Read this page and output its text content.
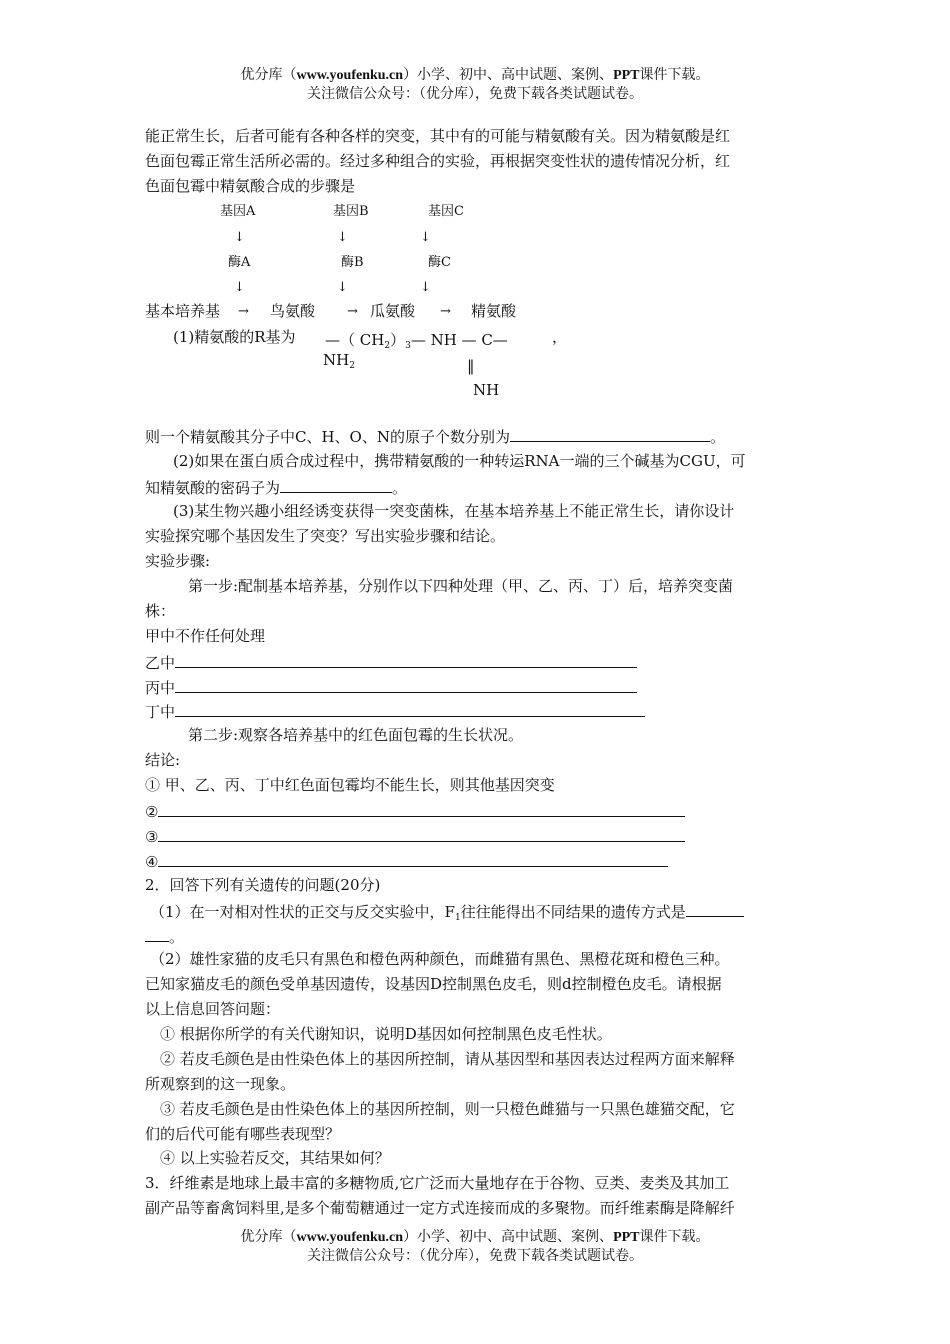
优分库（www.youfenku.cn）小学、初中、高中试题、案例、PPT课件下载。
关注微信公众号：（优分库），免费下载各类试题试卷。
能正常生长，后者可能有各种各样的突变，其中有的可能与精氨酸有关。因为精氨酸是红
色面包霉正常生活所必需的。经过多种组合的实验，再根据突变性状的遗传情况分析，红
色面包霉中精氨酸合成的步骤是
基因A	基因B	基因C
↓	↓	↓
酶A	酶B	酶C
↓	↓	↓
基本培养基 → 鸟氨酸 → 瓜氨酸 → 精氨酸
(1)精氨酸的R基为 —（ $CH_2)_3—$ NH — C—	，
$NH_2$	‖
NH
则一个精氨酸其分子中C、H、O、N的原子个数分别为	。
(2)如果在蛋白质合成过程中，携带精氨酸的一种转运RNA一端的三个碱基为CGU，可
知精氨酸的密码子为	。
(3)某生物兴趣小组经诱变获得一突变菌株，在基本培养基上不能正常生长，请你设计
实验探究哪个基因发生了突变？写出实验步骤和结论。
实验步骤:
第一步:配制基本培养基，分别作以下四种处理（甲、乙、丙、丁）后，培养突变菌
株：
甲中不作任何处理
乙中
丙中
丁中
第二步:观察各培养基中的红色面包霉的生长状况。
结论:
① 甲、乙、丙、丁中红色面包霉均不能生长，则其他基因突变
②
③
④
2．回答下列有关遗传的问题(20分)
（1）在一对相对性状的正交与反交实验中，$F_1$往往能得出不同结果的遗传方式是
。
（2）雄性家猫的皮毛只有黑色和橙色两种颜色，而雌猫有黑色、黑橙花斑和橙色三种。
已知家猫皮毛的颜色受单基因遗传，设基因D控制黑色皮毛，则d控制橙色皮毛。请根据
以上信息回答问题：
① 根据你所学的有关代谢知识，说明D基因如何控制黑色皮毛性状。
② 若皮毛颜色是由性染色体上的基因所控制，请从基因型和基因表达过程两方面来解释
所观察到的这一现象。
③ 若皮毛颜色是由性染色体上的基因所控制，则一只橙色雌猫与一只黑色雄猫交配，它
们的后代可能有哪些表现型？
④ 以上实验若反交，其结果如何？
3．纤维素是地球上最丰富的多糖物质,它广泛而大量地存在于谷物、豆类、麦类及其加工
副产品等畜禽饲料里,是多个葡萄糖通过一定方式连接而成的多聚物。而纤维素酶是降解纤
优分库（www.youfenku.cn）小学、初中、高中试题、案例、PPT课件下载。
关注微信公众号：（优分库），免费下载各类试题试卷。
